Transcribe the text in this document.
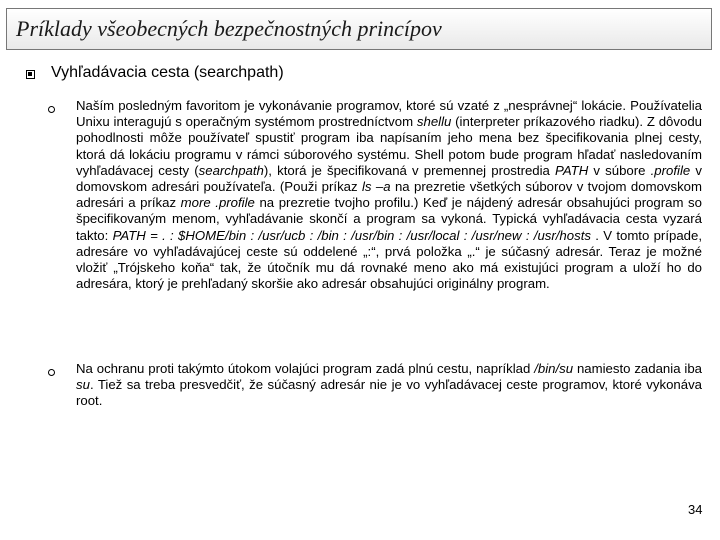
Príklady všeobecných bezpečnostných princípov
Vyhľadávacia cesta (searchpath)

Naším posledným favoritom je vykonávanie programov, ktoré sú vzaté z „nesprávnej“ lokácie. Používatelia Unixu interagujú s operačným systémom prostredníctvom shellu (interpreter príkazového riadku). Z dôvodu pohodlnosti môže používateľ spustiť program iba napísaním jeho mena bez špecifikovania plnej cesty, ktorá dá lokáciu programu v rámci súborového systému. Shell potom bude program hľadať nasledovaním vyhľadávacej cesty (searchpath), ktorá je špecifikovaná v premennej prostredia PATH v súbore .profile v domovskom adresári používateľa. (Použi príkaz ls –a na prezretie všetkých súborov v tvojom domovskom adresári a príkaz more .profile na prezretie tvojho profilu.) Keď je nájdený adresár obsahujúci program so špecifikovaným menom, vyhľadávanie skončí a program sa vykoná. Typická vyhľadávacia cesta vyzará takto: PATH = . : $HOME/bin : /usr/ucb : /bin : /usr/bin : /usr/local : /usr/new : /usr/hosts . V tomto prípade, adresáre vo vyhľadávajúcej ceste sú oddelené „:“, prvá položka „.“ je súčasný adresár. Teraz je možné vložiť „Trójskeho koňa“ tak, že útočník mu dá rovnaké meno ako má existujúci program a uloží ho do adresára, ktorý je prehľadaný skoršie ako adresár obsahujúci originálny program.

Na ochranu proti takýmto útokom volajúci program zadá plnú cestu, napríklad /bin/su namiesto zadania iba su. Tiež sa treba presvedčiť, že súčasný adresár nie je vo vyhľadávacej ceste programov, ktoré vykonáva root.

34
